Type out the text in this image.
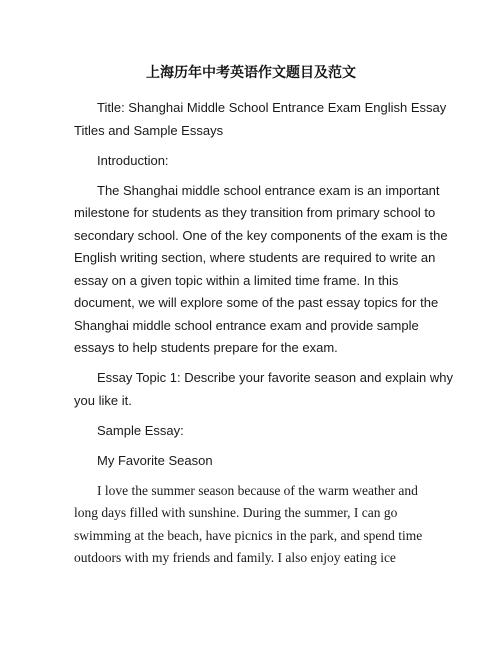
上海历年中考英语作文题目及范文
Title: Shanghai Middle School Entrance Exam English Essay
Titles and Sample Essays
Introduction:
The Shanghai middle school entrance exam is an important
milestone for students as they transition from primary school to
secondary school. One of the key components of the exam is the
English writing section, where students are required to write an
essay on a given topic within a limited time frame. In this
document, we will explore some of the past essay topics for the
Shanghai middle school entrance exam and provide sample
essays to help students prepare for the exam.
Essay Topic 1: Describe your favorite season and explain why
you like it.
Sample Essay:
My Favorite Season
I love the summer season because of the warm weather and
long days filled with sunshine. During the summer, I can go
swimming at the beach, have picnics in the park, and spend time
outdoors with my friends and family. I also enjoy eating ice
